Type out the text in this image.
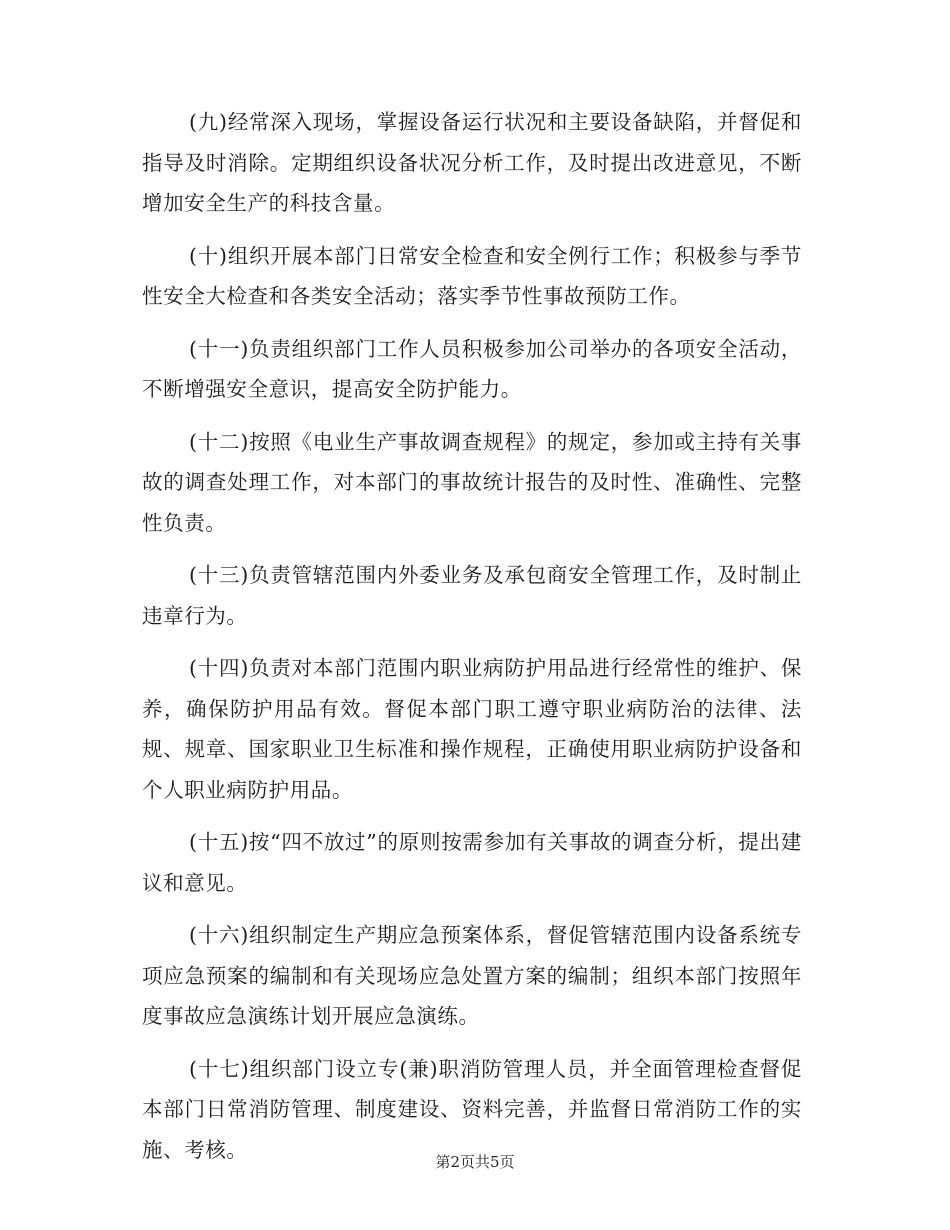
(九)经常深入现场，掌握设备运行状况和主要设备缺陷，并督促和指导及时消除。定期组织设备状况分析工作，及时提出改进意见，不断增加安全生产的科技含量。

(十)组织开展本部门日常安全检查和安全例行工作；积极参与季节性安全大检查和各类安全活动；落实季节性事故预防工作。

(十一)负责组织部门工作人员积极参加公司举办的各项安全活动，不断增强安全意识，提高安全防护能力。

(十二)按照《电业生产事故调查规程》的规定，参加或主持有关事故的调查处理工作，对本部门的事故统计报告的及时性、准确性、完整性负责。

(十三)负责管辖范围内外委业务及承包商安全管理工作，及时制止违章行为。

(十四)负责对本部门范围内职业病防护用品进行经常性的维护、保养，确保防护用品有效。督促本部门职工遵守职业病防治的法律、法规、规章、国家职业卫生标准和操作规程，正确使用职业病防护设备和个人职业病防护用品。

(十五)按“四不放过”的原则按需参加有关事故的调查分析，提出建议和意见。

(十六)组织制定生产期应急预案体系，督促管辖范围内设备系统专项应急预案的编制和有关现场应急处置方案的编制；组织本部门按照年度事故应急演练计划开展应急演练。

(十七)组织部门设立专(兼)职消防管理人员，并全面管理检查督促本部门日常消防管理、制度建设、资料完善，并监督日常消防工作的实施、考核。

第2页共5页
